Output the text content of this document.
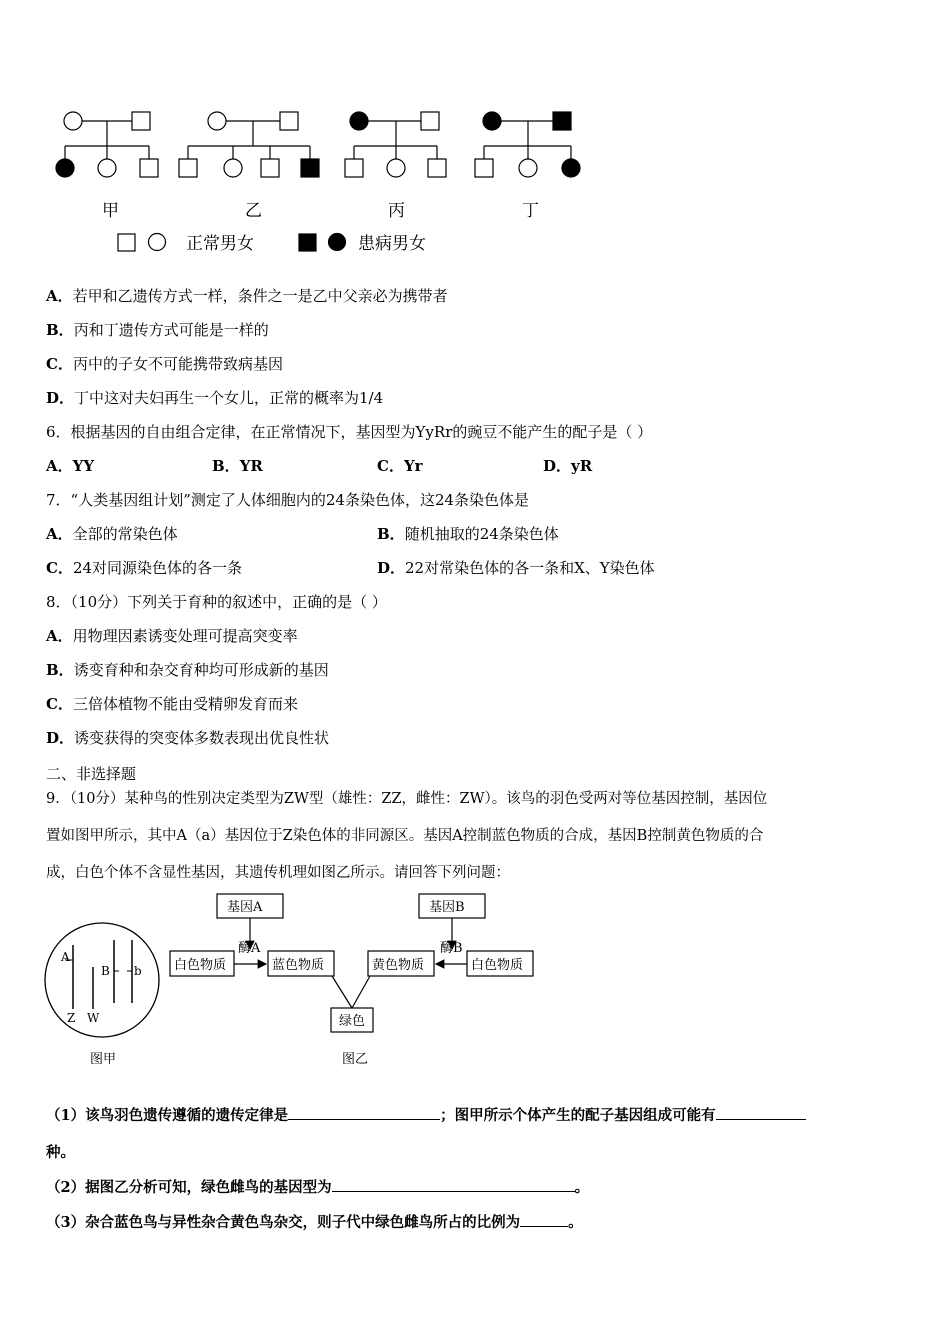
甲	乙	丙	丁
正常男女	患病男女
A．若甲和乙遗传方式一样，条件之一是乙中父亲必为携带者
B．丙和丁遗传方式可能是一样的
C．丙中的子女不可能携带致病基因
D．丁中这对夫妇再生一个女儿，正常的概率为1/4
6．根据基因的自由组合定律，在正常情况下，基因型为YyRr的豌豆不能产生的配子是（ ）
A．YY	B．YR	C．Yr	D．yR
7．“人类基因组计划”测定了人体细胞内的24条染色体，这24条染色体是
A．全部的常染色体	B．随机抽取的24条染色体
C．24对同源染色体的各一条	D．22对常染色体的各一条和X、Y染色体
8．（10分）下列关于育种的叙述中，正确的是（ ）
A．用物理因素诱变处理可提高突变率
B．诱变育种和杂交育种均可形成新的基因
C．三倍体植物不能由受精卵发育而来
D．诱变获得的突变体多数表现出优良性状
二、非选择题
9．（10分）某种鸟的性别决定类型为ZW型（雄性：ZZ，雌性：ZW）。该鸟的羽色受两对等位基因控制，基因位
置如图甲所示，其中A（a）基因位于Z染色体的非同源区。基因A控制蓝色物质的合成，基因B控制黄色物质的合
成，白色个体不含显性基因，其遗传机理如图乙所示。请回答下列问题：
A
B b
Z W
图甲
基因A	基因B
酶A	酶B
白色物质	蓝色物质	黄色物质	白色物质
绿色
图乙
（1）该鸟羽色遗传遵循的遗传定律是	；图甲所示个体产生的配子基因组成可能有
种。
（2）据图乙分析可知，绿色雌鸟的基因型为	。
（3）杂合蓝色鸟与异性杂合黄色鸟杂交，则子代中绿色雌鸟所占的比例为	。
